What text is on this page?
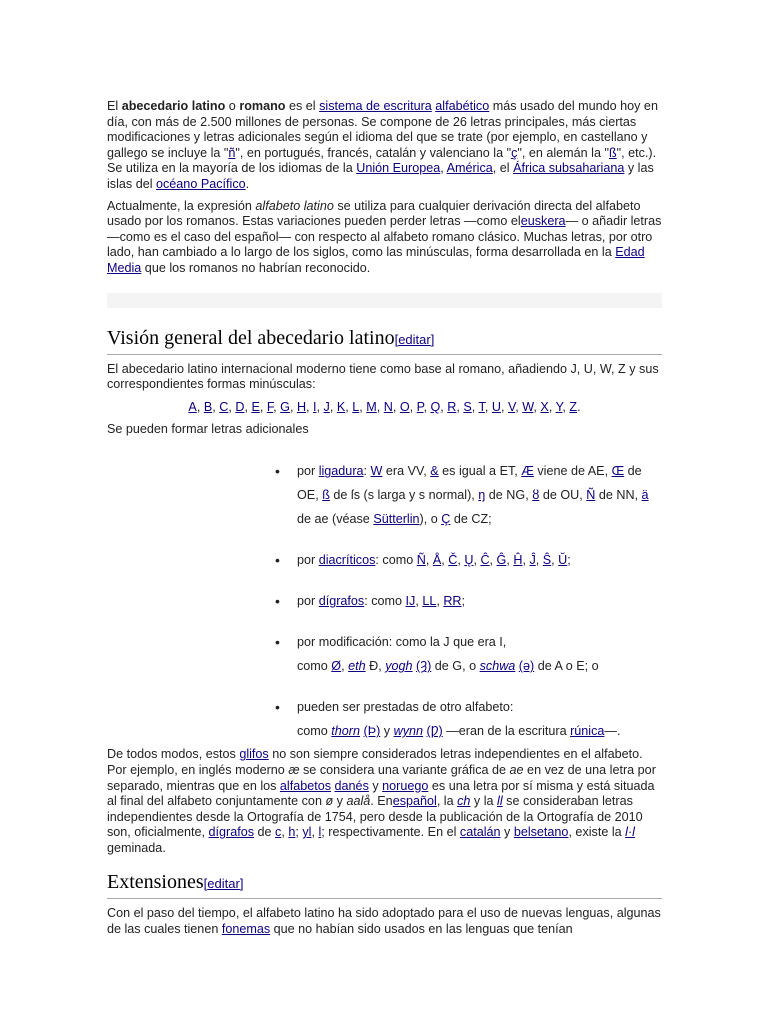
El abecedario latino o romano es el sistema de escritura alfabético más usado del mundo hoy en día, con más de 2.500 millones de personas. Se compone de 26 letras principales, más ciertas modificaciones y letras adicionales según el idioma del que se trate (por ejemplo, en castellano y gallego se incluye la "ñ", en portugués, francés, catalán y valenciano la "ç", en alemán la "ß", etc.). Se utiliza en la mayoría de los idiomas de la Unión Europea, América, el África subsahariana y las islas del océano Pacífico.

Actualmente, la expresión alfabeto latino se utiliza para cualquier derivación directa del alfabeto usado por los romanos. Estas variaciones pueden perder letras —como eleuskera— o añadir letras —como es el caso del español— con respecto al alfabeto romano clásico. Muchas letras, por otro lado, han cambiado a lo largo de los siglos, como las minúsculas, forma desarrollada en la Edad Media que los romanos no habrían reconocido.

Visión general del abecedario latino[editar]

El abecedario latino internacional moderno tiene como base al romano, añadiendo J, U, W, Z y sus correspondientes formas minúsculas:

A, B, C, D, E, F, G, H, I, J, K, L, M, N, O, P, Q, R, S, T, U, V, W, X, Y, Z.

Se pueden formar letras adicionales

• por ligadura: W era VV, & es igual a ET, Æ viene de AE, Œ de OE, ß de ſs (s larga y s normal), ŋ de NG, ȣ de OU, Ñ de NN, ä de ae (véase Sütterlin), o Ç de CZ;
• por diacríticos: como Ñ, Å, Č, Ų, Ĉ, Ĝ, Ĥ, Ĵ, Ŝ, Ŭ;
• por dígrafos: como IJ, LL, RR;
• por modificación: como la J que era I,
como Ø, eth Ð, yogh (Ȝ) de G, o schwa (ə) de A o E; o
• pueden ser prestadas de otro alfabeto:
como thorn (Þ) y wynn (Ƿ) —eran de la escritura rúnica—.

De todos modos, estos glifos no son siempre considerados letras independientes en el alfabeto. Por ejemplo, en inglés moderno æ se considera una variante gráfica de ae en vez de una letra por separado, mientras que en los alfabetos danés y noruego es una letra por sí misma y está situada al final del alfabeto conjuntamente con ø y aalå. Enespañol, la ch y la ll se consideraban letras independientes desde la Ortografía de 1754, pero desde la publicación de la Ortografía de 2010 son, oficialmente, dígrafos de c, h; yl, l; respectivamente. En el catalán y belsetano, existe la l·l geminada.

Extensiones[editar]

Con el paso del tiempo, el alfabeto latino ha sido adoptado para el uso de nuevas lenguas, algunas de las cuales tienen fonemas que no habían sido usados en las lenguas que tenían
